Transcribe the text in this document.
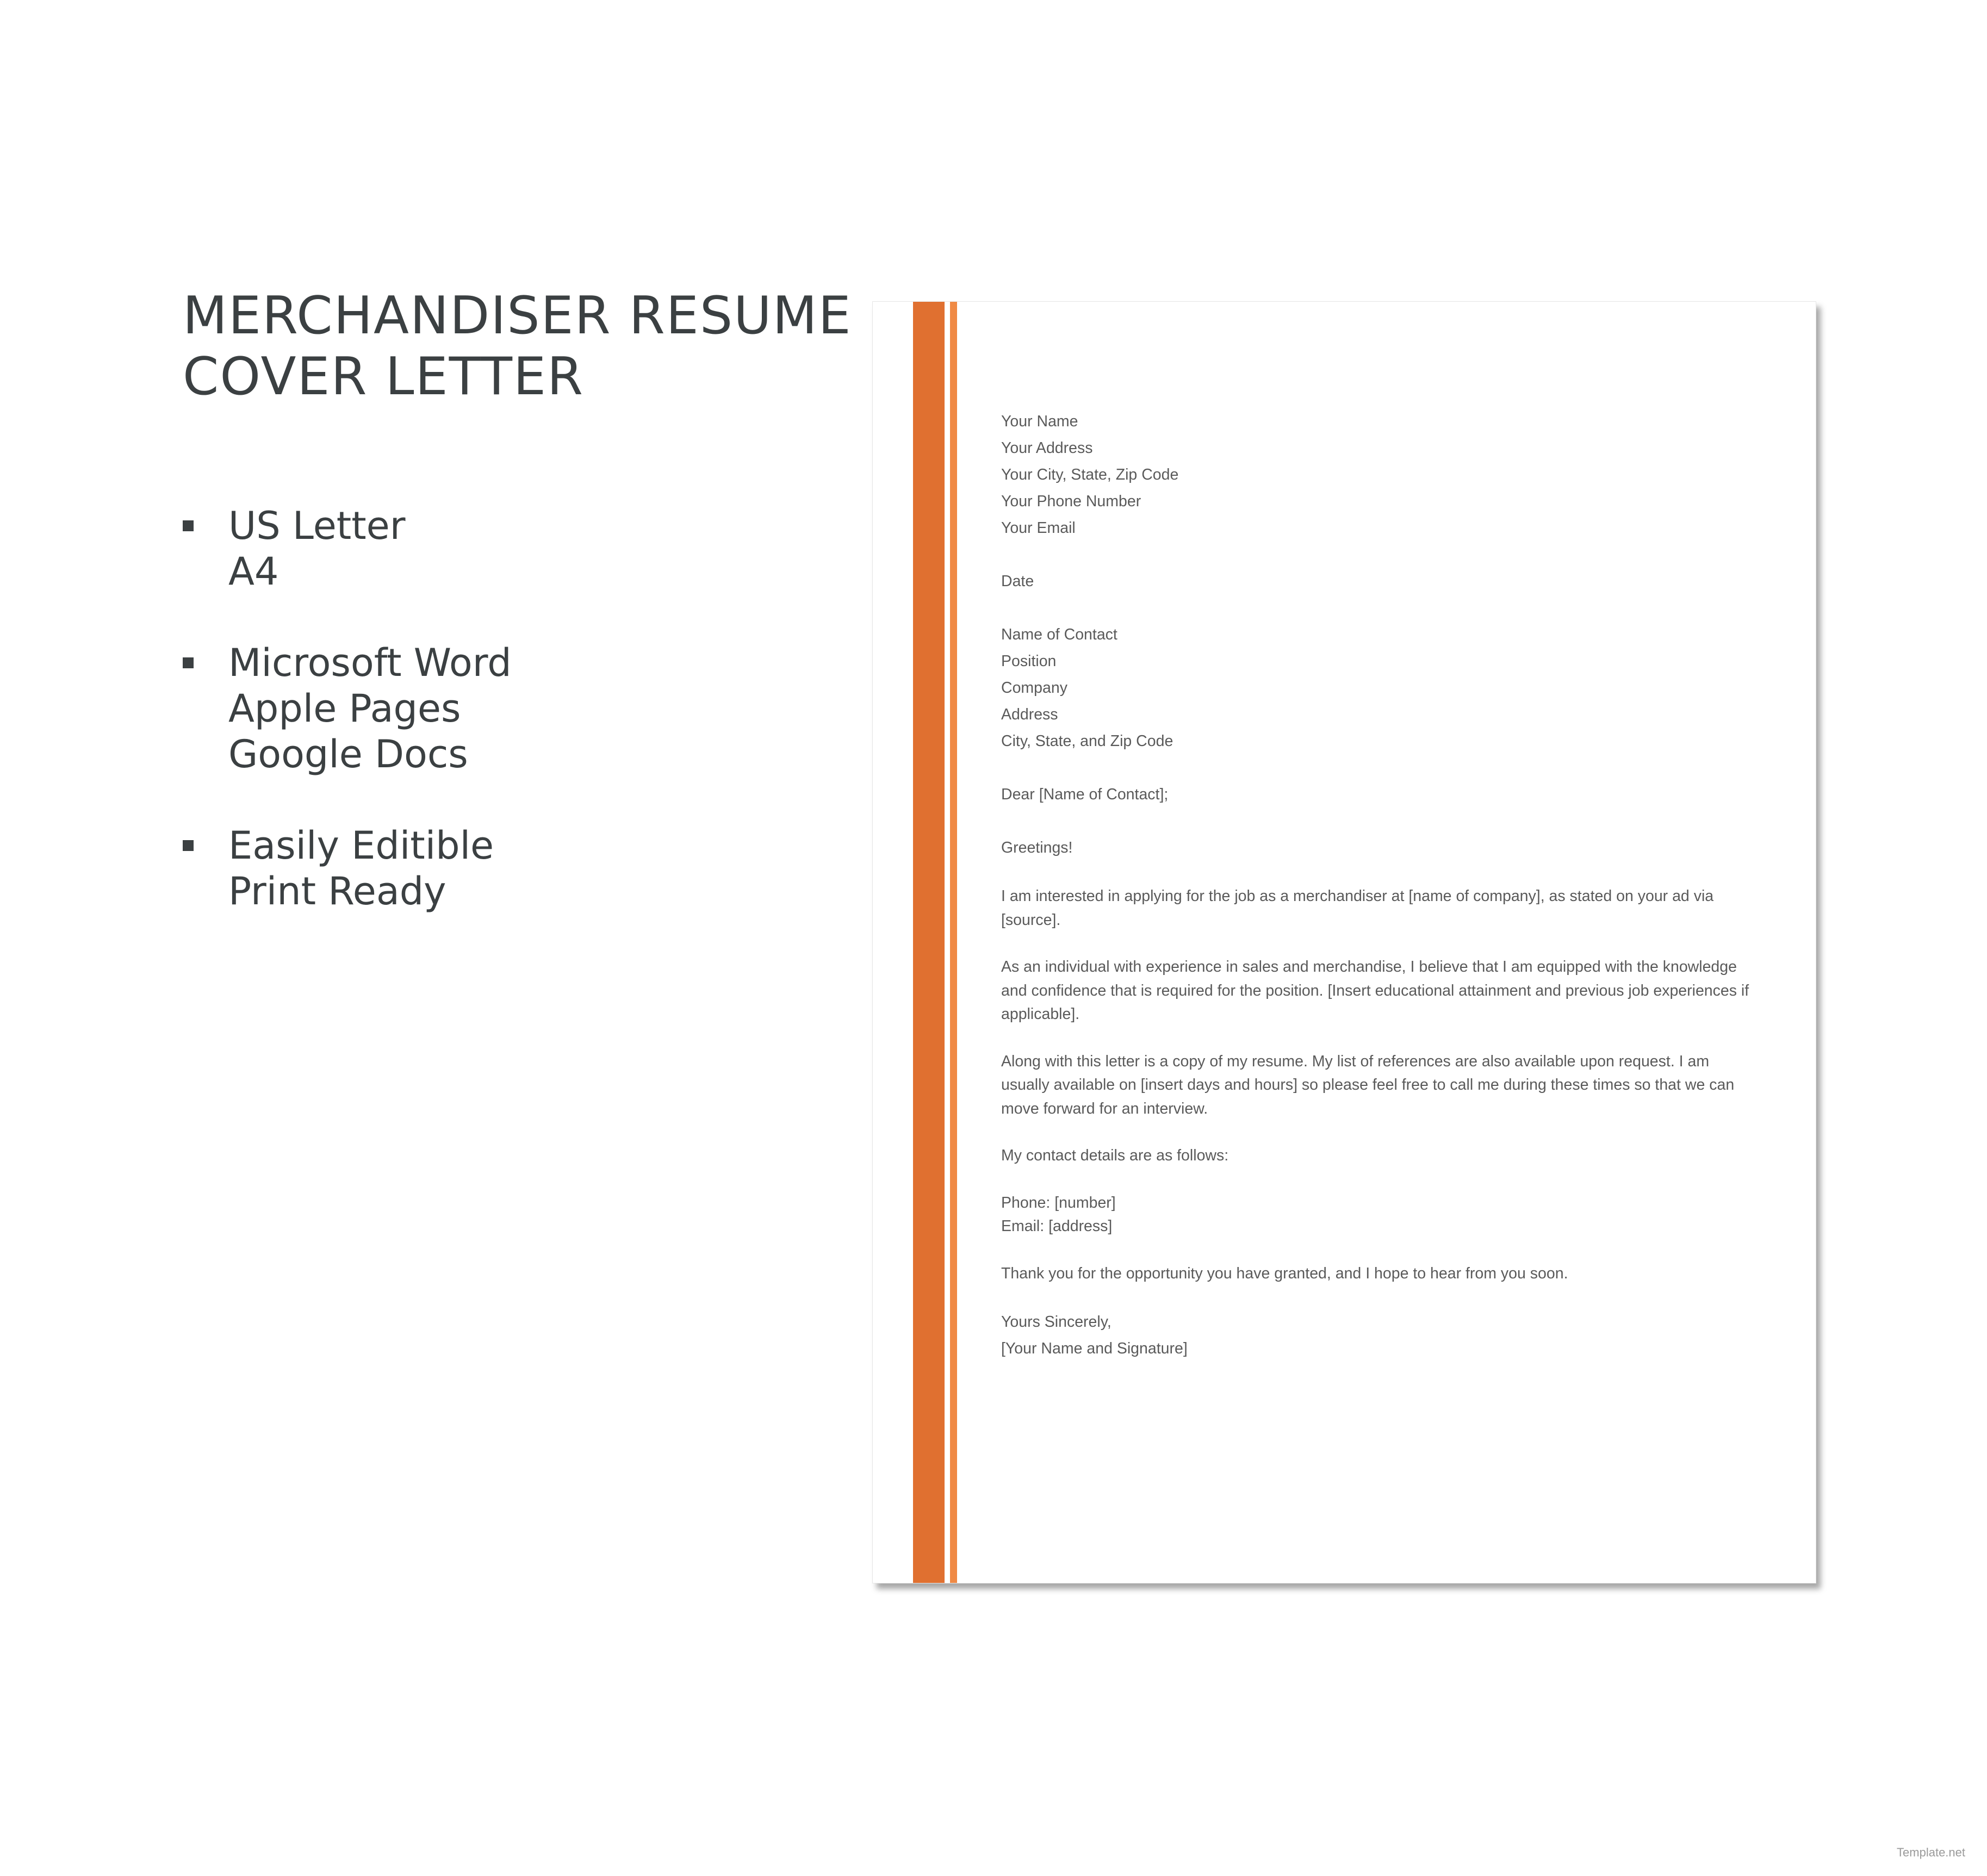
MERCHANDISER RESUME
COVER LETTER
US Letter
A4
Microsoft Word
Apple Pages
Google Docs
Easily Editible
Print Ready
Your Name
Your Address
Your City, State, Zip Code
Your Phone Number
Your Email
Date
Name of Contact
Position
Company
Address
City, State, and Zip Code
Dear [Name of Contact];
Greetings!
I am interested in applying for the job as a merchandiser at [name of company], as stated on your ad via [source].
As an individual with experience in sales and merchandise, I believe that I am equipped with the knowledge and confidence that is required for the position. [Insert educational attainment and previous job experiences if applicable].
Along with this letter is a copy of my resume. My list of references are also available upon request. I am usually available on [insert days and hours] so please feel free to call me during these times so that we can move forward for an interview.
My contact details are as follows:
Phone: [number]
Email: [address]
Thank you for the opportunity you have granted, and I hope to hear from you soon.
Yours Sincerely,
[Your Name and Signature]
Template.net
